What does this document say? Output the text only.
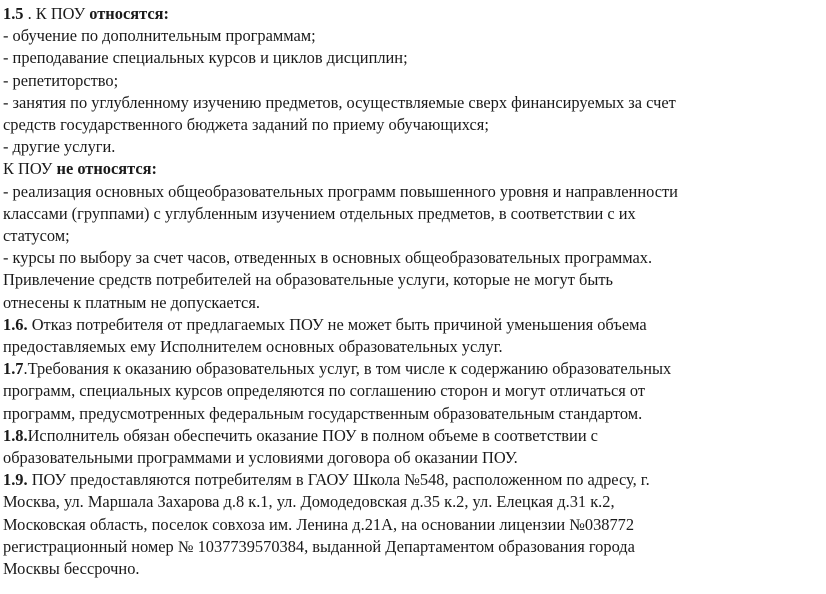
1.5 . К ПОУ относятся:
- обучение по дополнительным программам;
- преподавание специальных курсов и циклов дисциплин;
- репетиторство;
- занятия по углубленному изучению предметов, осуществляемые сверх финансируемых за счет
средств государственного бюджета заданий по приему обучающихся;
- другие услуги.
К ПОУ не относятся:
- реализация основных общеобразовательных программ повышенного уровня и направленности
классами (группами) с углубленным изучением отдельных предметов, в соответствии с их
статусом;
- курсы по выбору за счет часов, отведенных в основных общеобразовательных программах.
Привлечение средств потребителей на образовательные услуги, которые не могут быть
отнесены к платным не допускается.
1.6. Отказ потребителя от предлагаемых ПОУ не может быть причиной уменьшения объема
предоставляемых ему Исполнителем основных образовательных услуг.
1.7.Требования к оказанию образовательных услуг, в том числе к содержанию образовательных
программ, специальных курсов определяются по соглашению сторон и могут отличаться от
программ, предусмотренных федеральным государственным образовательным стандартом.
1.8.Исполнитель обязан обеспечить оказание ПОУ в полном объеме в соответствии с
образовательными программами и условиями договора об оказании ПОУ.
1.9. ПОУ предоставляются потребителям в ГАОУ Школа №548, расположенном по адресу, г.
Москва, ул. Маршала Захарова д.8 к.1, ул. Домодедовская д.35 к.2, ул. Елецкая д.31 к.2,
Московская область, поселок совхоза им. Ленина д.21А, на основании лицензии №038772
регистрационный номер № 1037739570384, выданной Департаментом образования города
Москвы бессрочно.
